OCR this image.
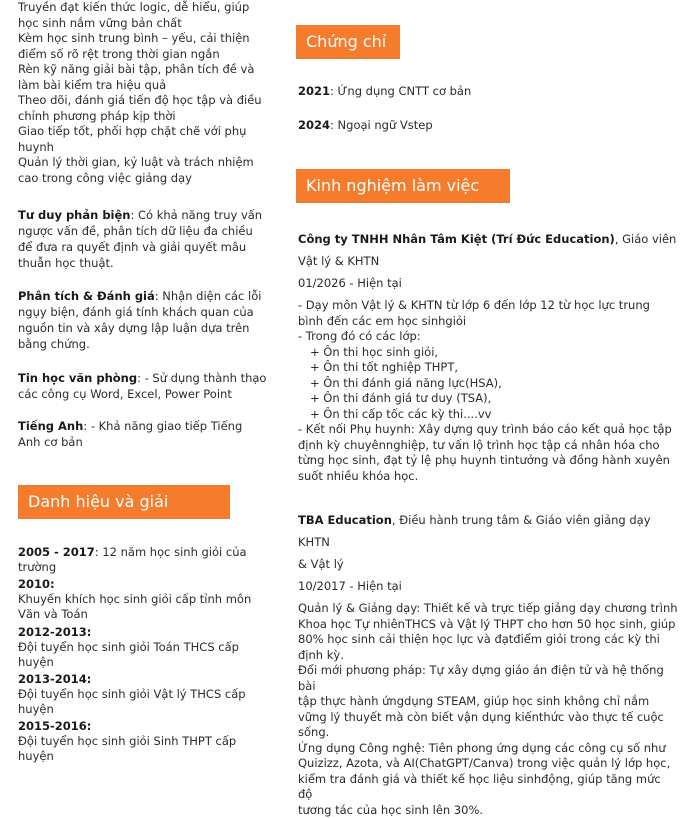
Truyền đạt kiến thức logic, dễ hiểu, giúp

học sinh nắm vững bản chất

Kèm học sinh trung bình – yếu, cải thiện

điểm số rõ rệt trong thời gian ngắn

Rèn kỹ năng giải bài tập, phân tích đề và

làm bài kiểm tra hiệu quả

Theo dõi, đánh giá tiến độ học tập và điều

chỉnh phương pháp kịp thời

Giao tiếp tốt, phối hợp chặt chẽ với phụ

huynh

Quản lý thời gian, kỷ luật và trách nhiệm

cao trong công việc giảng dạy

Tư duy phản biện: Có khả năng truy vấn ngược vấn đề, phân tích dữ liệu đa chiều để đưa ra quyết định và giải quyết mâu thuẫn học thuật.

Phân tích & Đánh giá: Nhận diện các lỗi ngụy biện, đánh giá tính khách quan của nguồn tin và xây dựng lập luận dựa trên bằng chứng.

Tin học văn phòng: - Sử dụng thành thạo các công cụ Word, Excel, Power Point

Tiếng Anh: - Khả năng giao tiếp Tiếng Anh cơ bản

Danh hiệu và giải thưởng
2005 - 2017: 12 năm học sinh giỏi của trường
2010:
Khuyến khích học sinh giỏi cấp tỉnh môn Văn và Toán
2012-2013:
Đội tuyển học sinh giỏi Toán THCS cấp huyện
2013-2014:
Đội tuyển học sinh giỏi Vật lý THCS cấp huyện
2015-2016:
Đội tuyển học sinh giỏi Sinh THPT cấp huyện
Chứng chỉ
2021: Ứng dụng CNTT cơ bản
2024: Ngoại ngữ Vstep
Kinh nghiệm làm việc

Công ty TNHH Nhân Tâm Kiệt (Trí Đức Education), Giáo viên

Vật lý & KHTN

01/2026 - Hiện tại

- Dạy môn Vật lý & KHTN từ lớp 6 đến lớp 12 từ học lực trung

bình đến các em học sinhgiỏi

- Trong đó có các lớp:

+ Ôn thi học sinh giỏi,

+ Ôn thi tốt nghiệp THPT,

+ Ôn thi đánh giá năng lực(HSA),

+ Ôn thi đánh giá tư duy (TSA),

+ Ôn thi cấp tốc các kỳ thi....vv

- Kết nối Phụ huynh: Xây dựng quy trình báo cáo kết quả học tập

định kỳ chuyênnghiệp, tư vấn lộ trình học tập cá nhân hóa cho

từng học sinh, đạt tỷ lệ phụ huynh tintưởng và đồng hành xuyên

suốt nhiều khóa học.

TBA Education, Điều hành trung tâm & Giáo viên giảng dạy KHTN

& Vật lý

10/2017 - Hiện tại

Quản lý & Giảng dạy: Thiết kế và trực tiếp giảng dạy chương trình

Khoa học Tự nhiênTHCS và Vật lý THPT cho hơn 50 học sinh, giúp

80% học sinh cải thiện học lực và đạtđiểm giỏi trong các kỳ thi

định kỳ.

Đổi mới phương pháp: Tự xây dựng giáo án điện tử và hệ thống bài

tập thực hành ứngdụng STEAM, giúp học sinh không chỉ nắm

vững lý thuyết mà còn biết vận dụng kiếnthức vào thực tế cuộc

sống.

Ứng dụng Công nghệ: Tiên phong ứng dụng các công cụ số như

Quizizz, Azota, và AI(ChatGPT/Canva) trong việc quản lý lớp học,

kiểm tra đánh giá và thiết kế học liệu sinhđộng, giúp tăng mức độ

tương tác của học sinh lên 30%.
